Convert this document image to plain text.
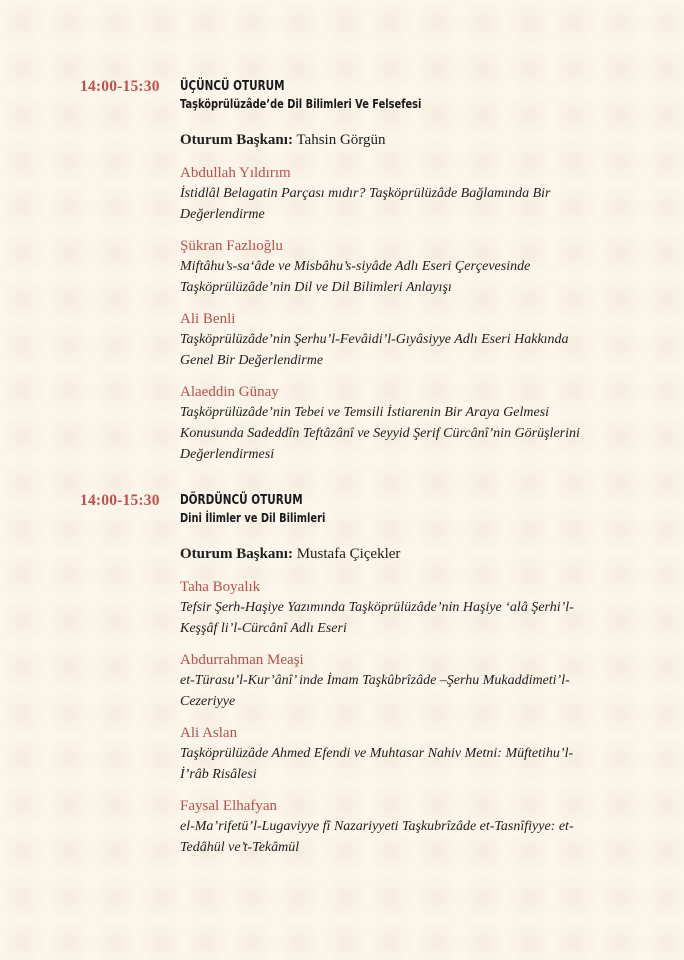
14:00-15:30 ÜÇÜNCÜ OTURUM
Taşköprülüzâde’de Dil Bilimleri Ve Felsefesi
Oturum Başkanı: Tahsin Görgün
Abdullah Yıldırım
İstidlâl Belagatin Parçası mıdır? Taşköprülüzâde Bağlamında Bir
Değerlendirme
Şükran Fazlıoğlu
Miftâhu’s-sa‘âde ve Misbâhu’s-siyâde Adlı Eseri Çerçevesinde
Taşköprülüzâde’nin Dil ve Dil Bilimleri Anlayışı
Ali Benli
Taşköprülüzâde’nin Şerhu’l-Fevâidi’l-Gıyâsiyye Adlı Eseri Hakkında
Genel Bir Değerlendirme
Alaeddin Günay
Taşköprülüzâde’nin Tebei ve Temsili İstiarenin Bir Araya Gelmesi
Konusunda Sadeddîn Teftâzânî ve Seyyid Şerif Cürcânî’nin Görüşlerini
Değerlendirmesi
14:00-15:30 DÖRDÜNCÜ OTURUM
Dini İlimler ve Dil Bilimleri
Oturum Başkanı: Mustafa Çiçekler
Taha Boyalık
Tefsir Şerh-Haşiye Yazımında Taşköprülüzâde’nin Haşiye ‘alâ Şerhi’l-
Keşşâf li’l-Cürcânî Adlı Eseri
Abdurrahman Meaşi
et-Türasu’l-Kur’ânî’ inde İmam Taşkûbrîzâde –Şerhu Mukaddimeti’l-
Cezeriyye
Ali Aslan
Taşköprülüzâde Ahmed Efendi ve Muhtasar Nahiv Metni: Müftetihu’l-
İ’râb Risâlesi
Faysal Elhafyan
el-Ma’rifetü’l-Lugaviyye fî Nazariyyeti Taşkubrîzâde et-Tasnîfiyye: et-
Tedâhül ve’t-Tekâmül
